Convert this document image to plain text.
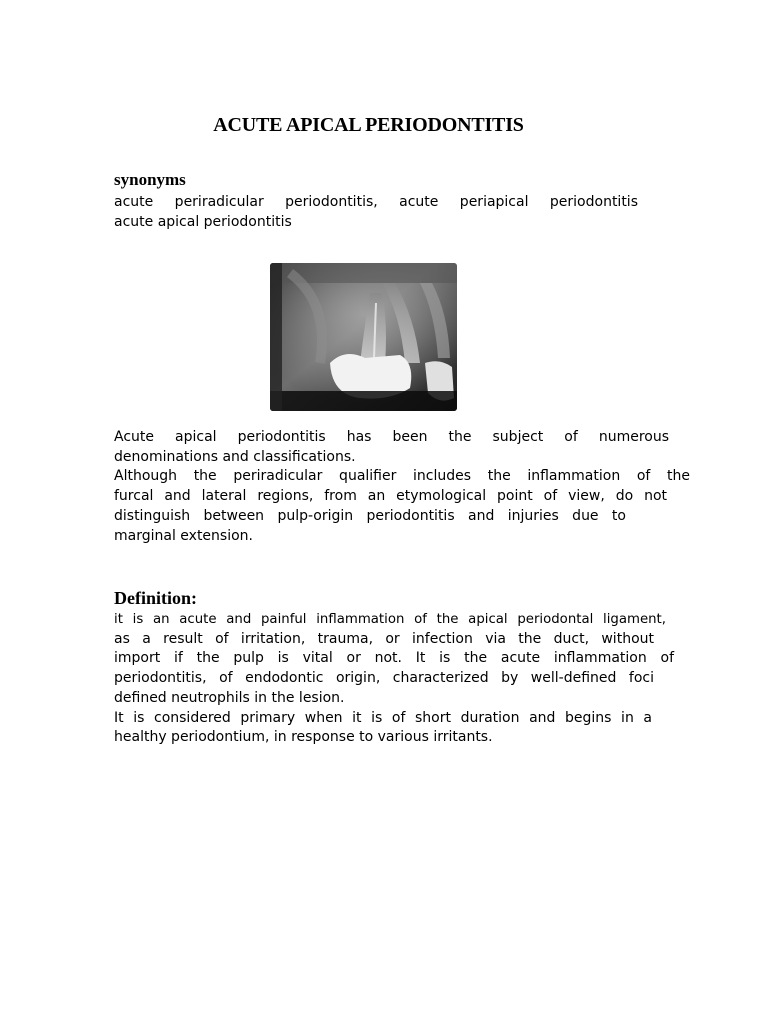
ACUTE APICAL PERIODONTITIS
synonyms
acute periradicular periodontitis, acute periapical periodontitis
acute apical periodontitis
Acute apical periodontitis has been the subject of numerous
denominations and classifications.
Although the periradicular qualifier includes the inflammation of the
furcal and lateral regions, from an etymological point of view, do not
distinguish between pulp-origin periodontitis and injuries due to
marginal extension.
Definition:
it is an acute and painful inflammation of the apical periodontal ligament,
as a result of irritation, trauma, or infection via the duct, without
import if the pulp is vital or not. It is the acute inflammation of
periodontitis, of endodontic origin, characterized by well-defined foci
defined neutrophils in the lesion.
It is considered primary when it is of short duration and begins in a
healthy periodontium, in response to various irritants.
